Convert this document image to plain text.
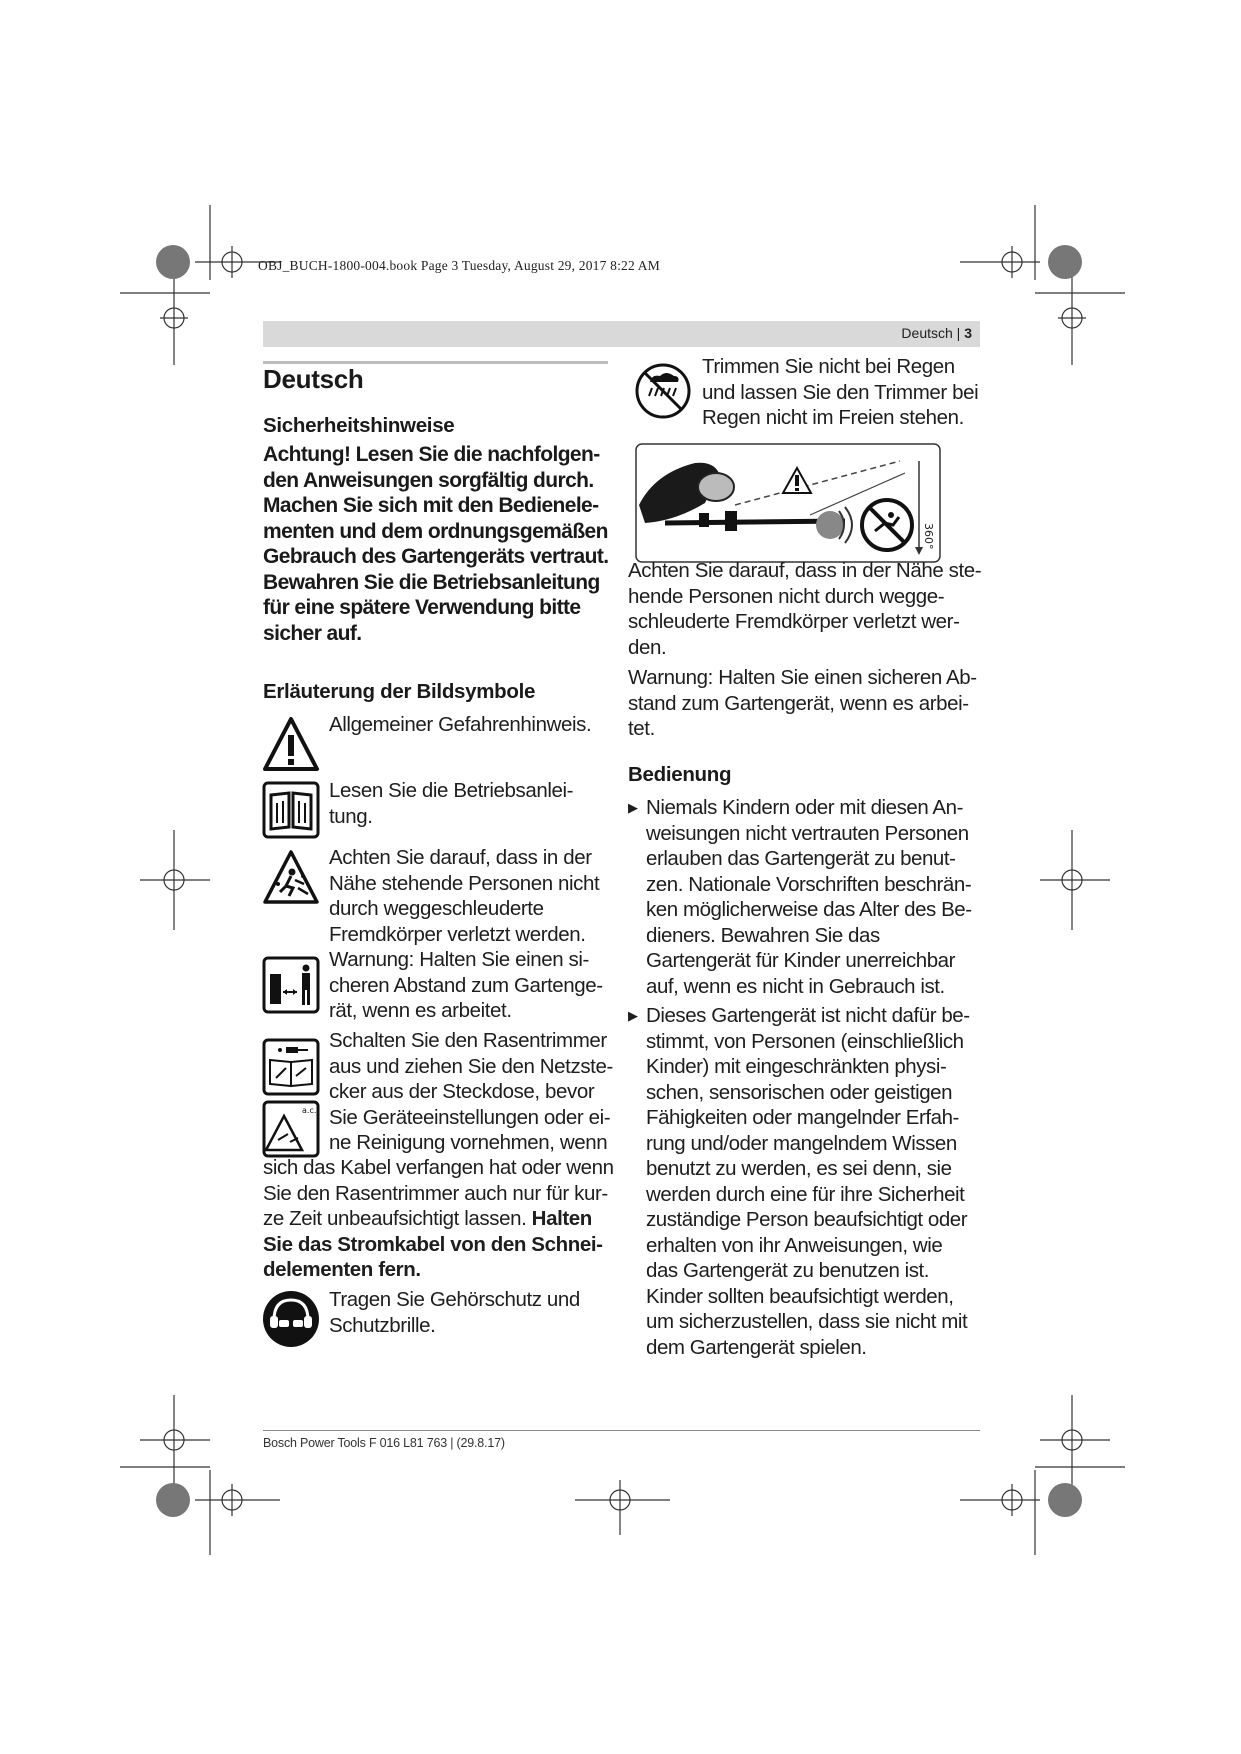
OBJ_BUCH-1800-004.book Page 3 Tuesday, August 29, 2017 8:22 AM
Deutsch | 3
Deutsch
Sicherheitshinweise
Achtung! Lesen Sie die nachfolgen-
den Anweisungen sorgfältig durch.
Machen Sie sich mit den Bedienele-
menten und dem ordnungsgemäßen
Gebrauch des Gartengeräts vertraut.
Bewahren Sie die Betriebsanleitung
für eine spätere Verwendung bitte
sicher auf.
Erläuterung der Bildsymbole
Allgemeiner Gefahrenhinweis.
Lesen Sie die Betriebsanlei-
tung.
Achten Sie darauf, dass in der
Nähe stehende Personen nicht
durch weggeschleuderte
Fremdkörper verletzt werden.
Warnung: Halten Sie einen si-
cheren Abstand zum Gartenge-
rät, wenn es arbeitet.
a.c.
Schalten Sie den Rasentrimmer
aus und ziehen Sie den Netzste-
cker aus der Steckdose, bevor
Sie Geräteeinstellungen oder ei-
ne Reinigung vornehmen, wenn
sich das Kabel verfangen hat oder wenn
Sie den Rasentrimmer auch nur für kur-
ze Zeit unbeaufsichtigt lassen. Halten
Sie das Stromkabel von den Schnei-
delementen fern.
Tragen Sie Gehörschutz und
Schutzbrille.
Trimmen Sie nicht bei Regen
und lassen Sie den Trimmer bei
Regen nicht im Freien stehen.
360°
Achten Sie darauf, dass in der Nähe ste-
hende Personen nicht durch wegge-
schleuderte Fremdkörper verletzt wer-
den.
Warnung: Halten Sie einen sicheren Ab-
stand zum Gartengerät, wenn es arbei-
tet.
Bedienung
▶ Niemals Kindern oder mit diesen An-
weisungen nicht vertrauten Personen
erlauben das Gartengerät zu benut-
zen. Nationale Vorschriften beschrän-
ken möglicherweise das Alter des Be-
dieners. Bewahren Sie das
Gartengerät für Kinder unerreichbar
auf, wenn es nicht in Gebrauch ist.
▶ Dieses Gartengerät ist nicht dafür be-
stimmt, von Personen (einschließlich
Kinder) mit eingeschränkten physi-
schen, sensorischen oder geistigen
Fähigkeiten oder mangelnder Erfah-
rung und/oder mangelndem Wissen
benutzt zu werden, es sei denn, sie
werden durch eine für ihre Sicherheit
zuständige Person beaufsichtigt oder
erhalten von ihr Anweisungen, wie
das Gartengerät zu benutzen ist.
Kinder sollten beaufsichtigt werden,
um sicherzustellen, dass sie nicht mit
dem Gartengerät spielen.
Bosch Power Tools F 016 L81 763 | (29.8.17)
